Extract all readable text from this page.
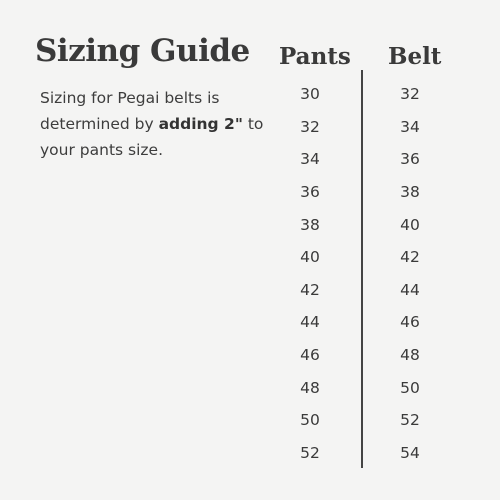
Sizing Guide
Sizing for Pegai belts is determined by adding 2" to your pants size.
Pants Belt
30
32
34
36
38
40
42
44
46
48
50
52
32
34
36
38
40
42
44
46
48
50
52
54
